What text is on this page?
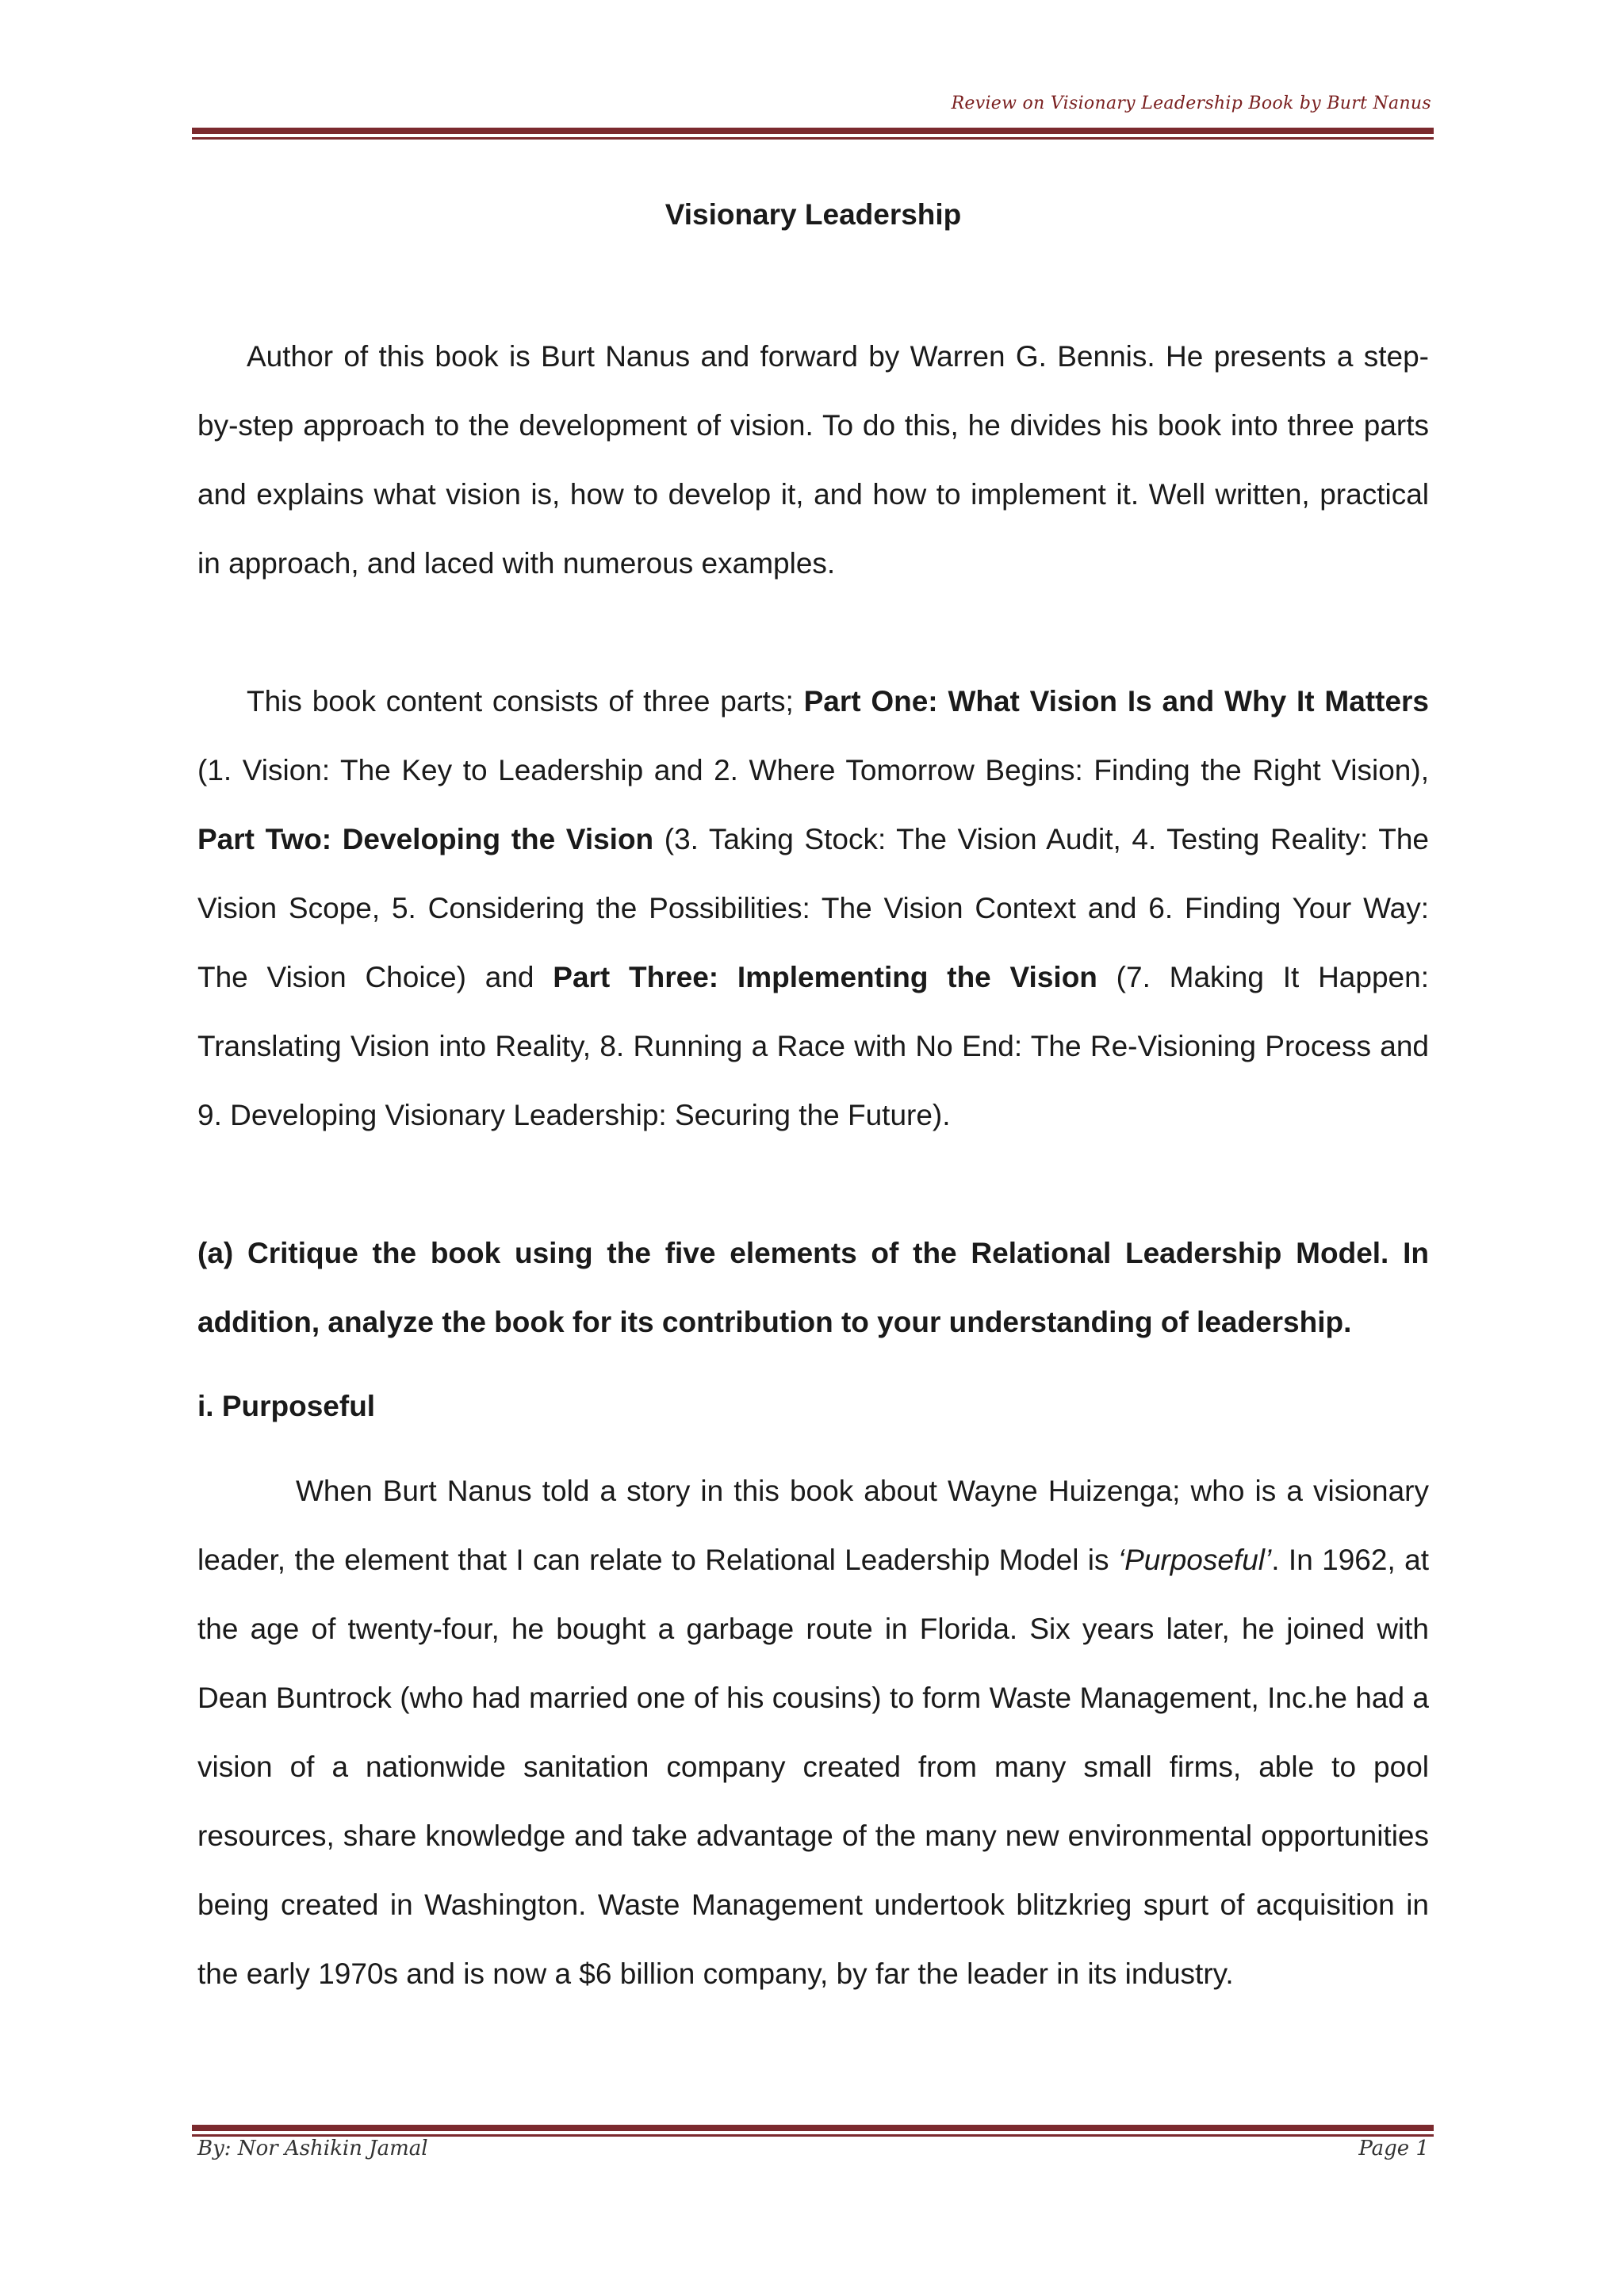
Review on Visionary Leadership Book by Burt Nanus
Visionary Leadership

Author of this book is Burt Nanus and forward by Warren G. Bennis. He presents a step-by-step approach to the development of vision. To do this, he divides his book into three parts and explains what vision is, how to develop it, and how to implement it. Well written, practical in approach, and laced with numerous examples.

This book content consists of three parts; Part One: What Vision Is and Why It Matters (1. Vision: The Key to Leadership and 2. Where Tomorrow Begins: Finding the Right Vision), Part Two: Developing the Vision (3. Taking Stock: The Vision Audit, 4. Testing Reality: The Vision Scope, 5. Considering the Possibilities: The Vision Context and 6. Finding Your Way: The Vision Choice) and Part Three: Implementing the Vision (7. Making It Happen: Translating Vision into Reality, 8. Running a Race with No End: The Re-Visioning Process and 9. Developing Visionary Leadership: Securing the Future).

(a) Critique the book using the five elements of the Relational Leadership Model. In addition, analyze the book for its contribution to your understanding of leadership.

i. Purposeful

When Burt Nanus told a story in this book about Wayne Huizenga; who is a visionary leader, the element that I can relate to Relational Leadership Model is ‘Purposeful’. In 1962, at the age of twenty-four, he bought a garbage route in Florida. Six years later, he joined with Dean Buntrock (who had married one of his cousins) to form Waste Management, Inc.he had a vision of a nationwide sanitation company created from many small firms, able to pool resources, share knowledge and take advantage of the many new environmental opportunities being created in Washington. Waste Management undertook blitzkrieg spurt of acquisition in the early 1970s and is now a $6 billion company, by far the leader in its industry.

By: Nor Ashikin Jamal	Page 1
